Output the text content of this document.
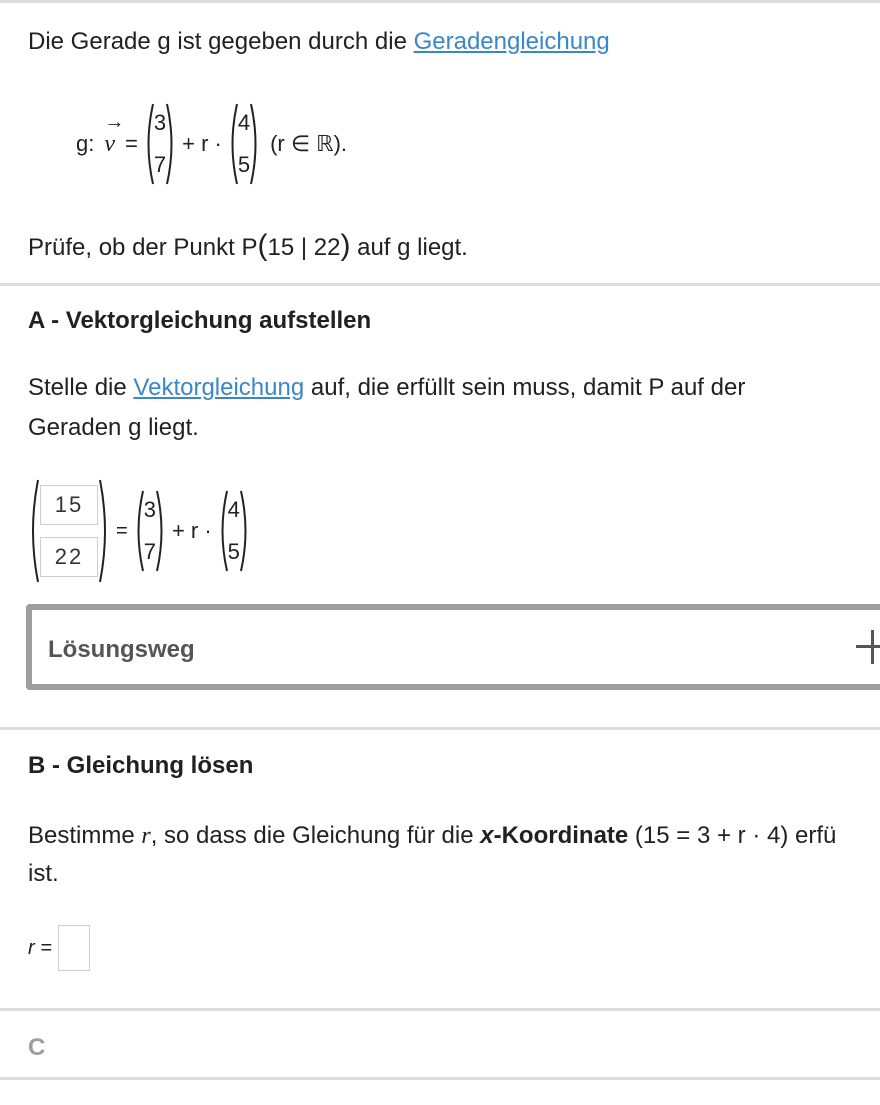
Die Gerade g ist gegeben durch die Geradengleichung
g:
→
v =
3
7
+ r ·
4
5
(r ∈ ℝ).
Prüfe, ob der Punkt P(15 | 22) auf g liegt.
A - Vektorgleichung aufstellen
Stelle die Vektorgleichung auf, die erfüllt sein muss, damit P auf der
Geraden g liegt.
15
22
=
3
7
+ r ·
4
5
Lösungsweg
B - Gleichung lösen
Bestimme r, so dass die Gleichung für die x-Koordinate (15 = 3 + r · 4) erfü
ist.
r =
C
